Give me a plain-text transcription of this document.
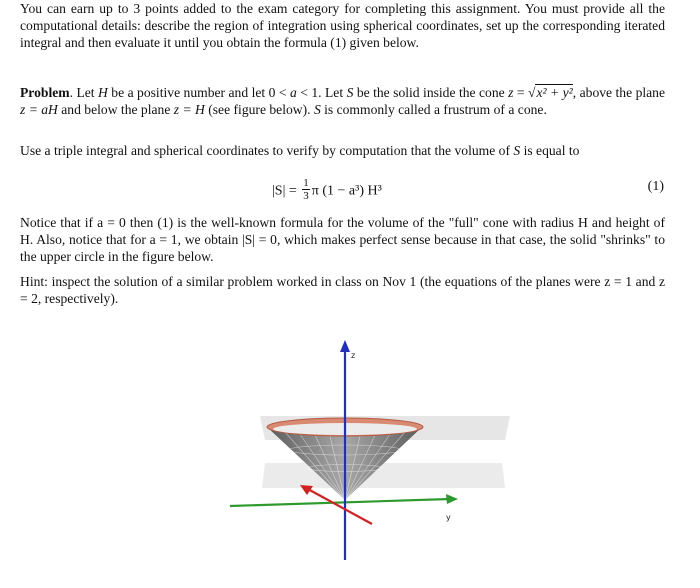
You can earn up to 3 points added to the exam category for completing this assignment. You must provide all the computational details: describe the region of integration using spherical coordinates, set up the corresponding iterated integral and then evaluate it until you obtain the formula (1) given below.

Problem. Let H be a positive number and let 0 < a < 1. Let S be the solid inside the cone z = √x² + y², above the plane z = aH and below the plane z = H (see figure below). S is commonly called a frustrum of a cone.

Use a triple integral and spherical coordinates to verify by computation that the volume of S is equal to

$|S| = \frac{1}{3}$ π (1 − a³) H³	(1)

Notice that if a = 0 then (1) is the well-known formula for the volume of the "full" cone with radius H and height of H. Also, notice that for a = 1, we obtain |S| = 0, which makes perfect sense because in that case, the solid "shrinks" to the upper circle in the figure below.

Hint: inspect the solution of a similar problem worked in class on Nov 1 (the equations of the planes were z = 1 and z = 2, respectively).

z
y
